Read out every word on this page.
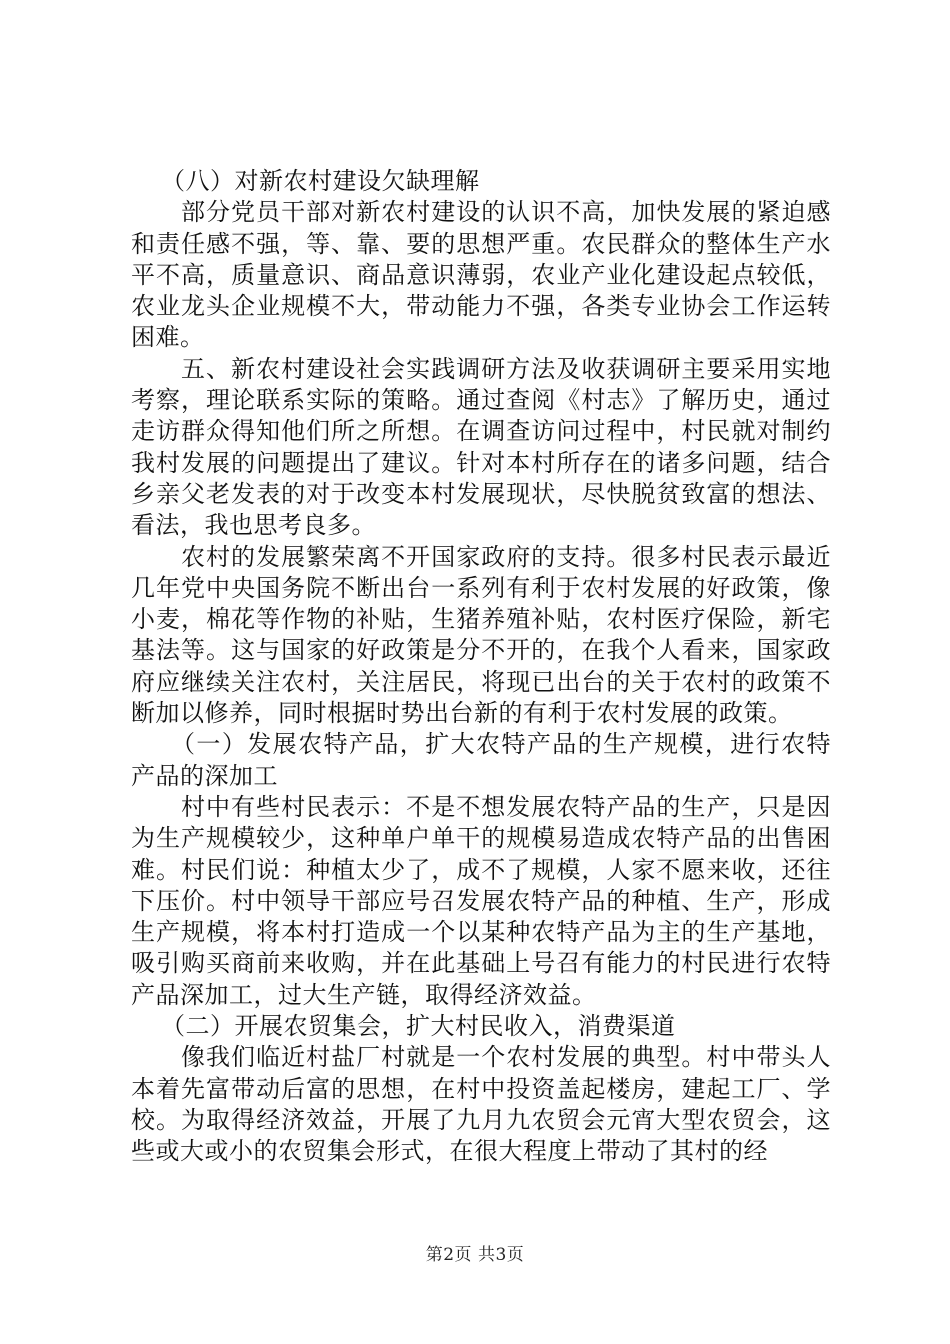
（八）对新农村建设欠缺理解

部分党员干部对新农村建设的认识不高，加快发展的紧迫感和责任感不强，等、靠、要的思想严重。农民群众的整体生产水平不高，质量意识、商品意识薄弱，农业产业化建设起点较低，农业龙头企业规模不大，带动能力不强，各类专业协会工作运转困难。

五、新农村建设社会实践调研方法及收获调研主要采用实地考察，理论联系实际的策略。通过查阅《村志》了解历史，通过走访群众得知他们所之所想。在调查访问过程中，村民就对制约我村发展的问题提出了建议。针对本村所存在的诸多问题，结合乡亲父老发表的对于改变本村发展现状，尽快脱贫致富的想法、看法，我也思考良多。

农村的发展繁荣离不开国家政府的支持。很多村民表示最近几年党中央国务院不断出台一系列有利于农村发展的好政策，像小麦，棉花等作物的补贴，生猪养殖补贴，农村医疗保险，新宅基法等。这与国家的好政策是分不开的，在我个人看来，国家政府应继续关注农村，关注居民，将现已出台的关于农村的政策不断加以修养，同时根据时势出台新的有利于农村发展的政策。

（一）发展农特产品，扩大农特产品的生产规模，进行农特产品的深加工

村中有些村民表示：不是不想发展农特产品的生产，只是因为生产规模较少，这种单户单干的规模易造成农特产品的出售困难。村民们说：种植太少了，成不了规模，人家不愿来收，还往下压价。村中领导干部应号召发展农特产品的种植、生产，形成生产规模，将本村打造成一个以某种农特产品为主的生产基地，吸引购买商前来收购，并在此基础上号召有能力的村民进行农特产品深加工，过大生产链，取得经济效益。

（二）开展农贸集会，扩大村民收入，消费渠道

像我们临近村盐厂村就是一个农村发展的典型。村中带头人本着先富带动后富的思想，在村中投资盖起楼房，建起工厂、学校。为取得经济效益，开展了九月九农贸会元宵大型农贸会，这些或大或小的农贸集会形式，在很大程度上带动了其村的经

第2页 共3页
